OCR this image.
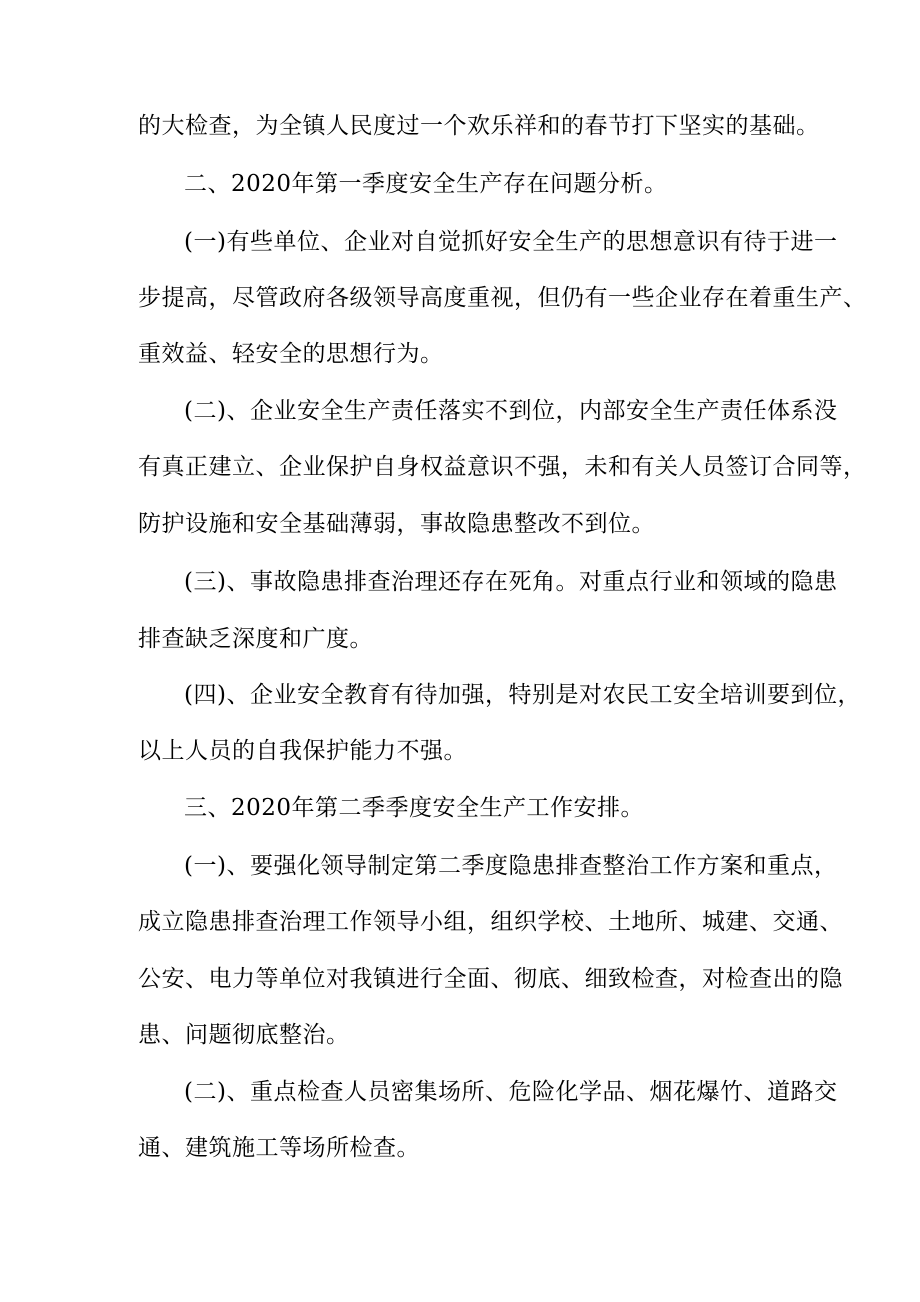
的大检查，为全镇人民度过一个欢乐祥和的春节打下坚实的基础。
二、2020年第一季度安全生产存在问题分析。
(一)有些单位、企业对自觉抓好安全生产的思想意识有待于进一
步提高，尽管政府各级领导高度重视，但仍有一些企业存在着重生产、
重效益、轻安全的思想行为。
(二)、企业安全生产责任落实不到位，内部安全生产责任体系没
有真正建立、企业保护自身权益意识不强，未和有关人员签订合同等，
防护设施和安全基础薄弱，事故隐患整改不到位。
(三)、事故隐患排查治理还存在死角。对重点行业和领域的隐患
排查缺乏深度和广度。
(四)、企业安全教育有待加强，特别是对农民工安全培训要到位，
以上人员的自我保护能力不强。
三、2020年第二季季度安全生产工作安排。
(一)、要强化领导制定第二季度隐患排查整治工作方案和重点，
成立隐患排查治理工作领导小组，组织学校、土地所、城建、交通、
公安、电力等单位对我镇进行全面、彻底、细致检查，对检查出的隐
患、问题彻底整治。
(二)、重点检查人员密集场所、危险化学品、烟花爆竹、道路交
通、建筑施工等场所检查。
